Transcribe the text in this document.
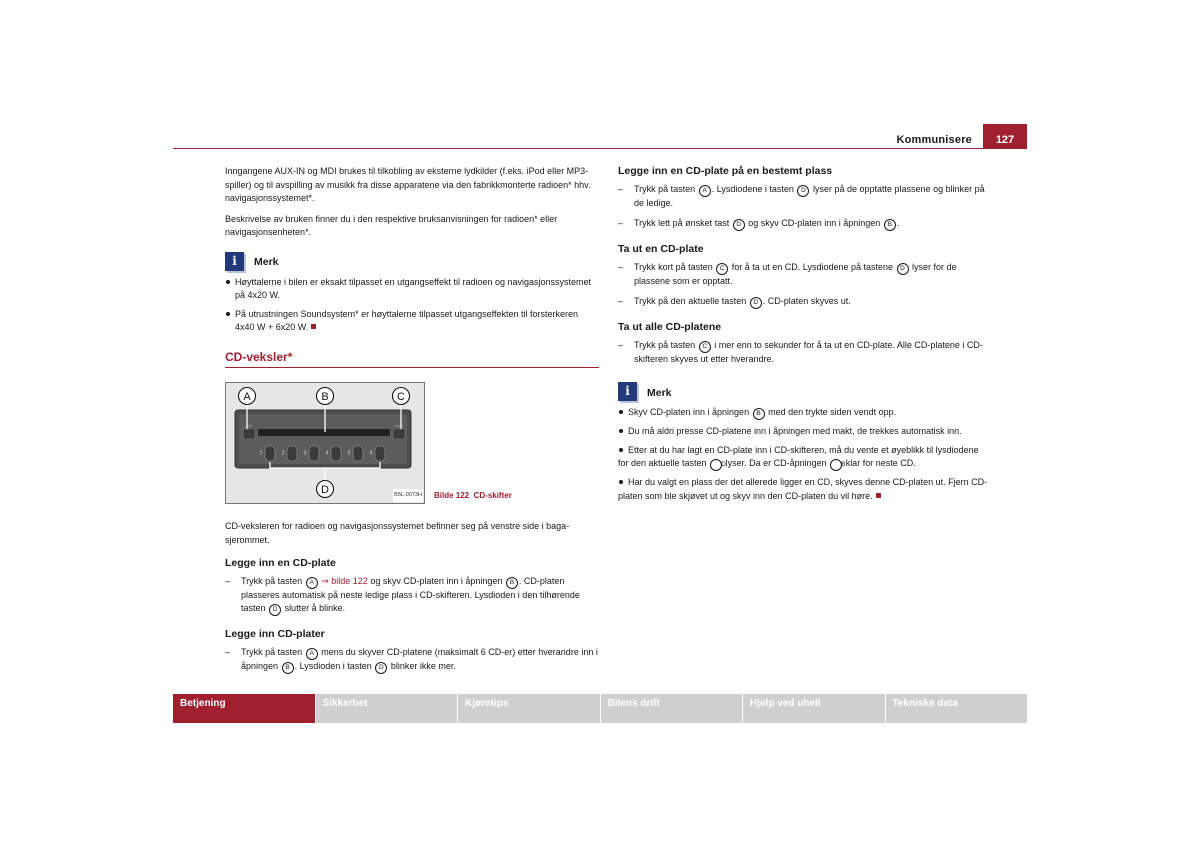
Kommunisere	127

Inngangene AUX-IN og MDI brukes til tilkobling av eksterne lydkilder (f.eks. iPod eller MP3-spiller) og til avspilling av musikk fra disse apparatene via den fabrikkmonterte radioen* hhv. navigasjonssystemet*.

Beskrivelse av bruken finner du i den respektive bruksanvisningen for radioen* eller navigasjonsenheten*.

i	Merk
Høyttalerne i bilen er eksakt tilpasset en utgangseffekt til radioen og navigasjonssystemet på 4x20 W.
På utrustningen Soundsystem* er høyttalerne tilpasset utgangseffekten til forsterkeren 4x40 W + 6x20 W.
CD-veksler*
LOAD	EJECT
1	2	3	4	5	6
A	B	C
D	B5L-0073H Bilde 122 CD-skifter

CD-veksleren for radioen og navigasjonssystemet befinner seg på venstre side i bagasjerommet.

Legge inn en CD-plate
– Trykk på tasten A ⇒ bilde 122 og skyv CD-platen inn i åpningen B . CD-platen plasseres automatisk på neste ledige plass i CD-skifteren. Lysdioden i den tilhørende tasten D slutter å blinke.
Legge inn CD-plater
– Trykk på tasten A mens du skyver CD-platene (maksimalt 6 CD-er) etter hverandre inn i åpningen B . Lysdioden i tasten D blinker ikke mer.
Legge inn en CD-plate på en bestemt plass
– Trykk på tasten A . Lysdiodene i tasten D lyser på de opptatte plassene og blinker på de ledige.
– Trykk lett på ønsket tast D og skyv CD-platen inn i åpningen B .
Ta ut en CD-plate
– Trykk kort på tasten C for å ta ut en CD. Lysdiodene på tastene D lyser for de plassene som er opptatt.
– Trykk på den aktuelle tasten D . CD-platen skyves ut.
Ta ut alle CD-platene
– Trykk på tasten C i mer enn to sekunder for å ta ut en CD-plate. Alle CD-platene i CD-skifteren skyves ut etter hverandre.
i	Merk
Skyv CD-platen inn i åpningen B med den trykte siden vendt opp.
Du må aldri presse CD-platene inn i åpningen med makt, de trekkes automatisk inn.
Etter at du har lagt en CD-plate inn i CD-skifteren, må du vente et øyeblikk til lysdiodene for den aktuelle tasten D lyser. Da er CD-åpningen B klar for neste CD.
Har du valgt en plass der det allerede ligger en CD, skyves denne CD-platen ut. Fjern CD-platen som ble skjøvet ut og skyv inn den CD-platen du vil høre.
Betjening	Sikkerhet	Kjøretips	Bilens drift	Hjelp ved uhell	Tekniske data
